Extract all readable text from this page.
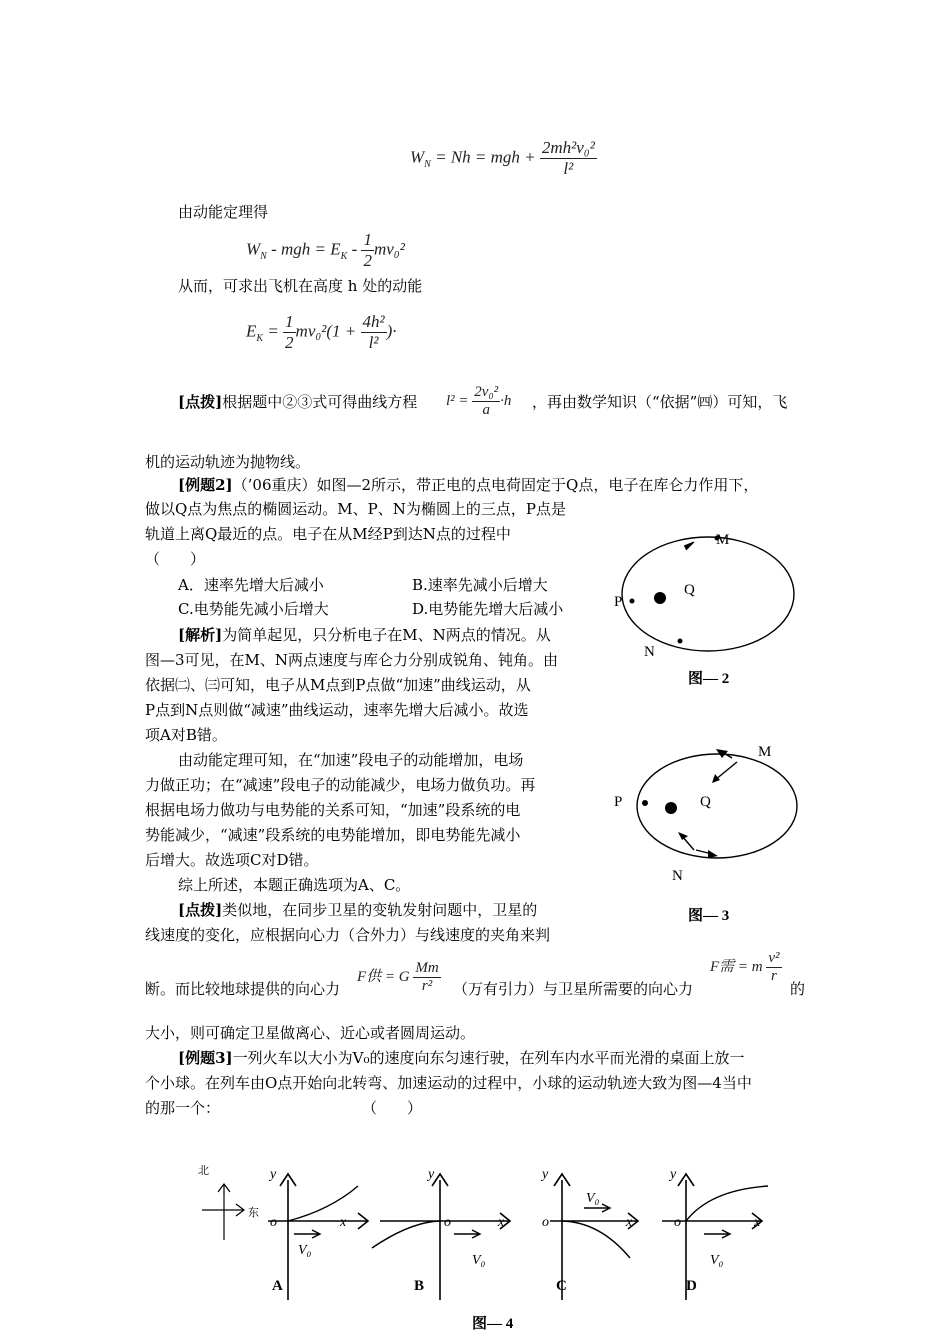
$W_N = Nh$ = mgh + $\frac{\text{2mh²v₀²}}{\text{l²}}$
由动能定理得
$W_N$ - mgh = $E_K - \frac{1}{2} mv_0^2$
从而，可求出飞机在高度 h 处的动能
$E_K = \frac{1}{2} mv_0^2(1 + \frac{\text{4h²}}{\text{l²}}$ )·
[点拨]根据题中②③式可得曲线方程 $l^2 = \frac{\text{2v₀²}}{a} \cdot h$ ，再由数学知识（“依据”㈣）可知，飞
机的运动轨迹为抛物线。
[例题2]（’06重庆）如图—2所示，带正电的点电荷固定于Q点，电子在库仑力作用下，
做以Q点为焦点的椭圆运动。M、P、N为椭圆上的三点，P点是
轨道上离Q最近的点。电子在从M经P到达N点的过程中
（　　）
A．速率先增大后减小	B.速率先减小后增大
C.电势能先减小后增大	D.电势能先增大后减小
[解析]为简单起见，只分析电子在M、N两点的情况。从
图—3可见，在M、N两点速度与库仑力分别成锐角、钝角。由
依据㈡、㈢可知，电子从M点到P点做“加速”曲线运动，从
P点到N点则做“减速”曲线运动，速率先增大后减小。故选
项A对B错。
由动能定理可知，在“加速”段电子的动能增加，电场
力做正功；在“减速”段电子的动能减少，电场力做负功。再
根据电场力做功与电势能的关系可知，“加速”段系统的电
势能减少，“减速”段系统的电势能增加，即电势能先减小
后增大。故选项C对D错。
综上所述，本题正确选项为A、C。
[点拨]类似地，在同步卫星的变轨发射问题中，卫星的
线速度的变化，应根据向心力（合外力）与线速度的夹角来判
断。而比较地球提供的向心力
F供 = G $\frac{Mm}{\text{r²}}$ （万有引力）与卫星所需要的向心力
F需 = m $\frac{\text{v²}}{r}$
的
大小，则可确定卫星做离心、近心或者圆周运动。
[例题3]一列火车以大小为V₀的速度向东匀速行驶，在列车内水平而光滑的桌面上放一
个小球。在列车由O点开始向北转弯、加速运动的过程中，小球的运动轨迹大致为图—4当中
的那一个：	（　　）
M
Q
P
N
图— 2
M
Q
P
N
图— 3
北
东
y
o	x
V₀
A
y
o	x
V₀
B
y
o	x
V₀
C
y
o	x
V₀
D
图— 4
